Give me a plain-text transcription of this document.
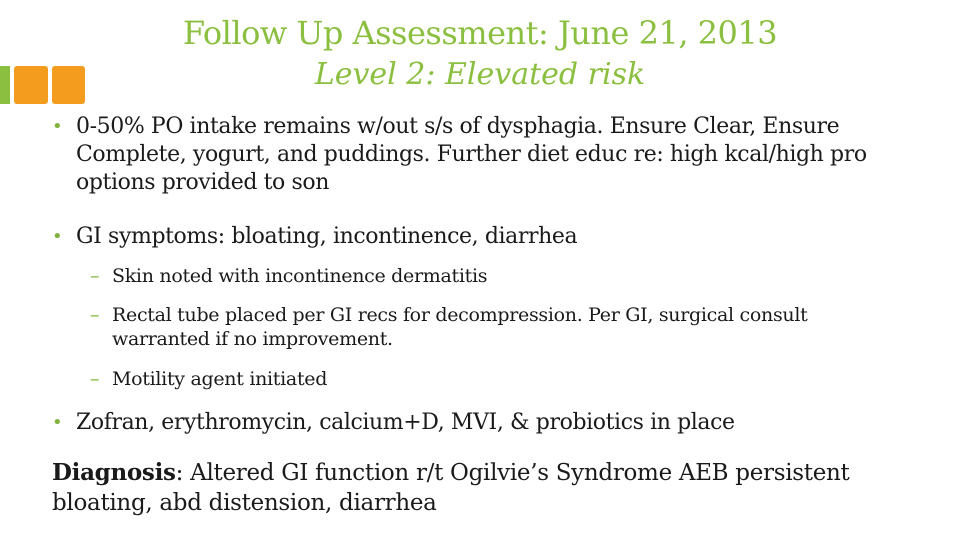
Follow Up Assessment: June 21, 2013
Level 2: Elevated risk
• 0-50% PO intake remains w/out s/s of dysphagia. Ensure Clear, Ensure Complete, yogurt, and puddings. Further diet educ re: high kcal/high pro options provided to son
• GI symptoms: bloating, incontinence, diarrhea
– Skin noted with incontinence dermatitis
– Rectal tube placed per GI recs for decompression. Per GI, surgical consult warranted if no improvement.
– Motility agent initiated
• Zofran, erythromycin, calcium+D, MVI, & probiotics in place
Diagnosis: Altered GI function r/t Ogilvie’s Syndrome AEB persistent bloating, abd distension, diarrhea
